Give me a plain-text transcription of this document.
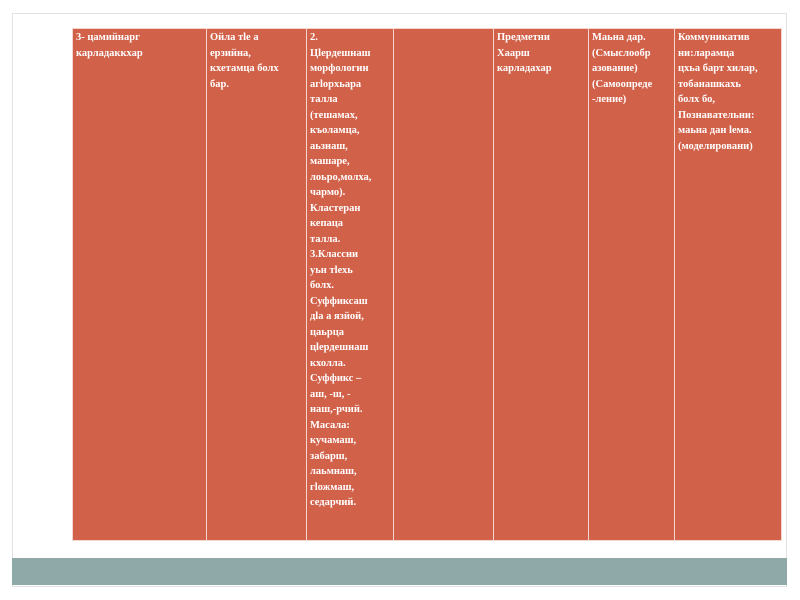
3- цамийнарг
карладаккхар	Ойла тlе а
ерзийна,
кхетамца болх
бар.	2.
Цlердешнаш
морфологин
агlорхьара
талла
(тешамах,
къоламца,
аьзнаш,
машаре,
лоьро,молха,
чармо).
Кластеран
кепаца
талла.
3.Классни
уьн тlехь
болх.
Суффиксаш
дlа а язйой,
цаьрца
цlердешнаш
кхолла.
Суффикс –
аш, -ш, -
наш,-рчий.
Масала:
кучамаш,
забарш,
лаьмнаш,
гlожмаш,
седарчий.		Предметни
Хаарш
карладахар	Маьна дар.
(Смыслообр
азование)
(Самоопреде
-ление)	Коммуникатив
ни:ларамца
цхьа барт хилар,
тобанашкахь
болх бо,
Познавательни:
маьна дан lема.
(моделировани)
